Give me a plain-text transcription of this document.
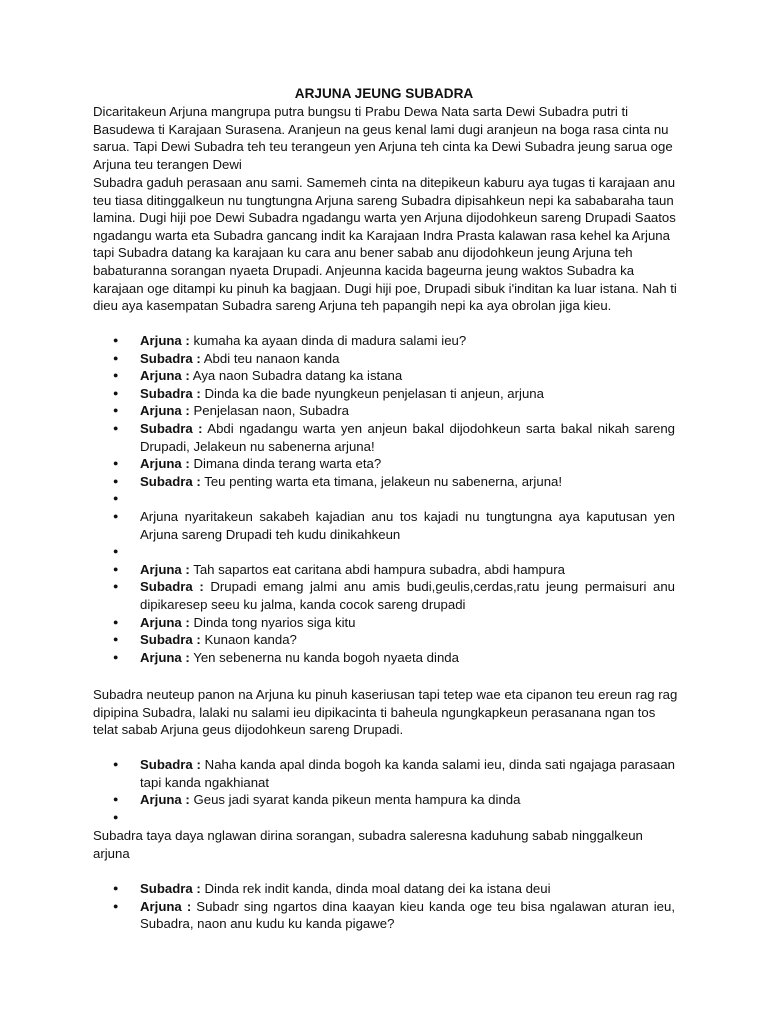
ARJUNA JEUNG SUBADRA

Dicaritakeun Arjuna mangrupa putra bungsu ti Prabu Dewa Nata sarta Dewi Subadra putri ti Basudewa ti Karajaan Surasena. Aranjeun na geus kenal lami dugi aranjeun na boga rasa cinta nu sarua. Tapi Dewi Subadra teh teu terangeun yen Arjuna teh cinta ka Dewi Subadra jeung sarua oge Arjuna teu terangen Dewi

Subadra gaduh perasaan anu sami. Samemeh cinta na ditepikeun kaburu aya tugas ti karajaan anu teu tiasa ditinggalkeun nu tungtungna Arjuna sareng Subadra dipisahkeun nepi ka sababaraha taun lamina. Dugi hiji poe Dewi Subadra ngadangu warta yen Arjuna dijodohkeun sareng Drupadi Saatos ngadangu warta eta Subadra gancang indit ka Karajaan Indra Prasta kalawan rasa kehel ka Arjuna tapi Subadra datang ka karajaan ku cara anu bener sabab anu dijodohkeun jeung Arjuna teh babaturanna sorangan nyaeta Drupadi. Anjeunna kacida bageurna jeung waktos Subadra ka karajaan oge ditampi ku pinuh ka bagjaan. Dugi hiji poe, Drupadi sibuk i'inditan ka luar istana. Nah ti dieu aya kasempatan Subadra sareng Arjuna teh papangih nepi ka aya obrolan jiga kieu.

● Arjuna : kumaha ka ayaan dinda di madura salami ieu?
● Subadra : Abdi teu nanaon kanda
● Arjuna : Aya naon Subadra datang ka istana
● Subadra : Dinda ka die bade nyungkeun penjelasan ti anjeun, arjuna
● Arjuna : Penjelasan naon, Subadra
● Subadra : Abdi ngadangu warta yen anjeun bakal dijodohkeun sarta bakal nikah sareng Drupadi, Jelakeun nu sabenerna arjuna!
● Arjuna : Dimana dinda terang warta eta?
● Subadra : Teu penting warta eta timana, jelakeun nu sabenerna, arjuna!
●
● Arjuna nyaritakeun sakabeh kajadian anu tos kajadi nu tungtungna aya kaputusan yen Arjuna sareng Drupadi teh kudu dinikahkeun
●
● Arjuna : Tah sapartos eat caritana abdi hampura subadra, abdi hampura
● Subadra : Drupadi emang jalmi anu amis budi,geulis,cerdas,ratu jeung permaisuri anu dipikaresep seeu ku jalma, kanda cocok sareng drupadi
● Arjuna : Dinda tong nyarios siga kitu
● Subadra : Kunaon kanda?
● Arjuna : Yen sebenerna nu kanda bogoh nyaeta dinda

Subadra neuteup panon na Arjuna ku pinuh kaseriusan tapi tetep wae eta cipanon teu ereun rag rag dipipina Subadra, lalaki nu salami ieu dipikacinta ti baheula ngungkapkeun perasanana ngan tos telat sabab Arjuna geus dijodohkeun sareng Drupadi.

● Subadra : Naha kanda apal dinda bogoh ka kanda salami ieu, dinda sati ngajaga parasaan tapi kanda ngakhianat
● Arjuna : Geus jadi syarat kanda pikeun menta hampura ka dinda
●

Subadra taya daya nglawan dirina sorangan, subadra saleresna kaduhung sabab ninggalkeun arjuna

● Subadra : Dinda rek indit kanda, dinda moal datang dei ka istana deui
● Arjuna : Subadr sing ngartos dina kaayan kieu kanda oge teu bisa ngalawan aturan ieu, Subadra, naon anu kudu ku kanda pigawe?
